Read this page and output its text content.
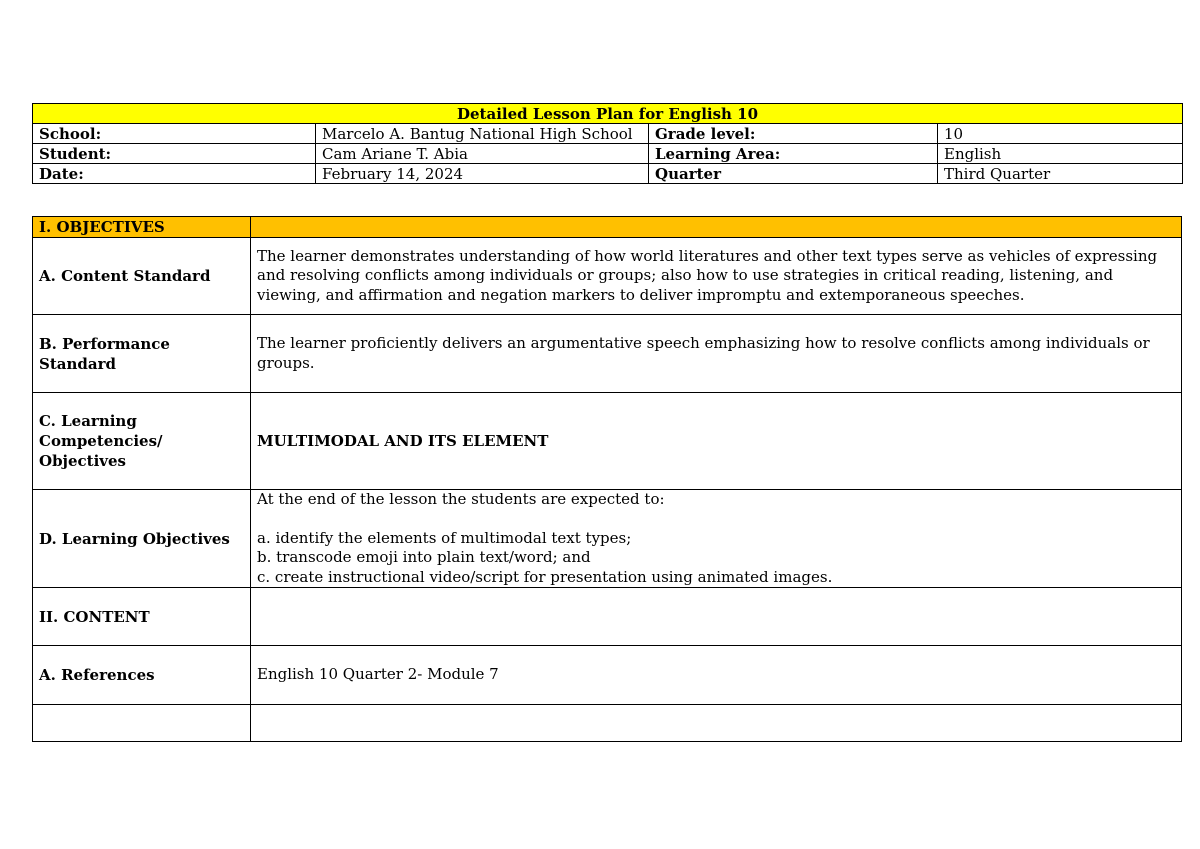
Detailed Lesson Plan for English 10			
School:	Marcelo A. Bantug National High School	Grade level:	10
Student:	Cam Ariane T. Abia	Learning Area:	English
Date:	February 14, 2024	Quarter	Third Quarter
I. OBJECTIVES	
A. Content Standard	The learner demonstrates understanding of how world literatures and other text types serve as vehicles of expressing and resolving conflicts among individuals or groups; also how to use strategies in critical reading, listening, and viewing, and affirmation and negation markers to deliver impromptu and extemporaneous speeches.
B. Performance Standard	The learner proficiently delivers an argumentative speech emphasizing how to resolve conflicts among individuals or groups.
C. Learning Competencies/ Objectives	MULTIMODAL AND ITS ELEMENT
D. Learning Objectives	At the end of the lesson the students are expected to:
a. identify the elements of multimodal text types;
b. transcode emoji into plain text/word; and
c. create instructional video/script for presentation using animated images.

II. CONTENT	
A. References	English 10 Quarter 2- Module 7
